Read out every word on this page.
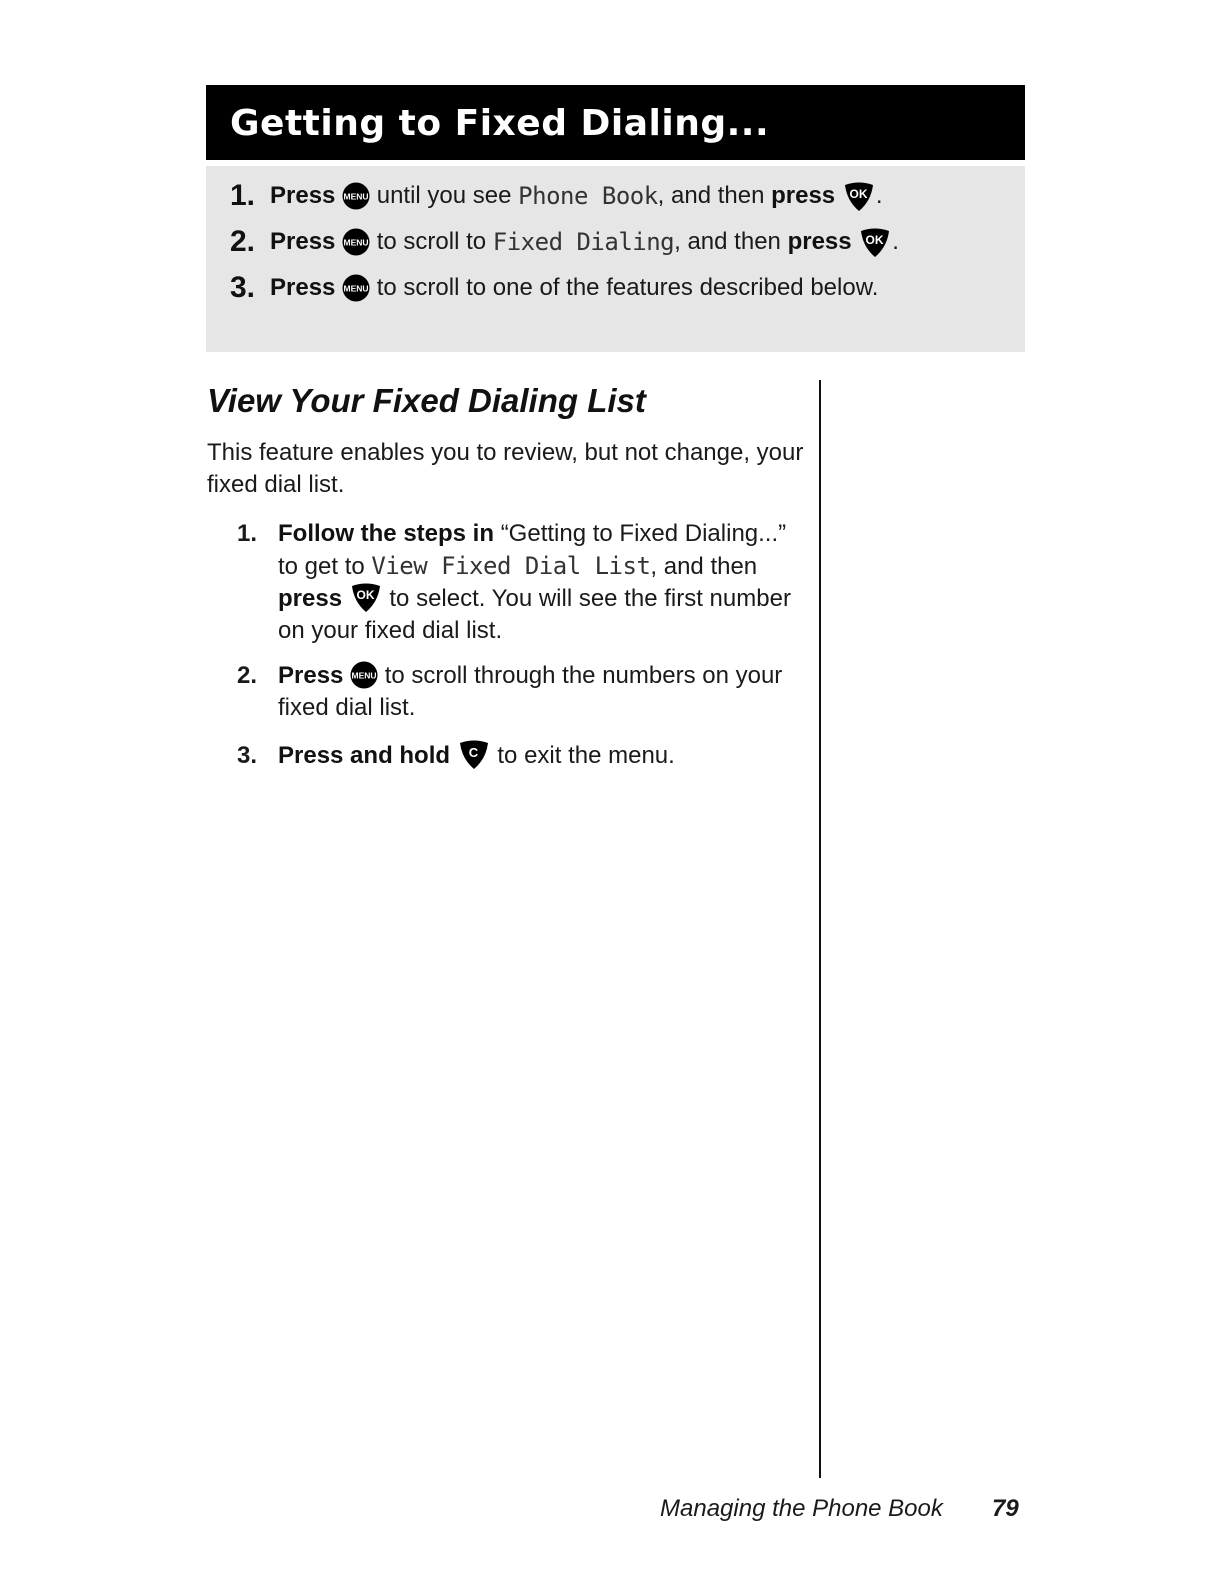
Getting to Fixed Dialing...
1. Press

until you see
Phone Book , and then
press
.
2. Press

to scroll to
Fixed Dialing , and then
press
.
3. Press

to scroll to one of the features described below.
View Your Fixed Dialing List

This feature enables you to review, but not change, your fixed dial list.

1. Follow the steps in “Getting to Fixed Dialing...” to get to View Fixed Dial List, and then press to select. You will see the first number on your fixed dial list.
2. Press to scroll through the numbers on your fixed dial list.
3. Press and hold to exit the menu.
Managing the Phone Book 79
